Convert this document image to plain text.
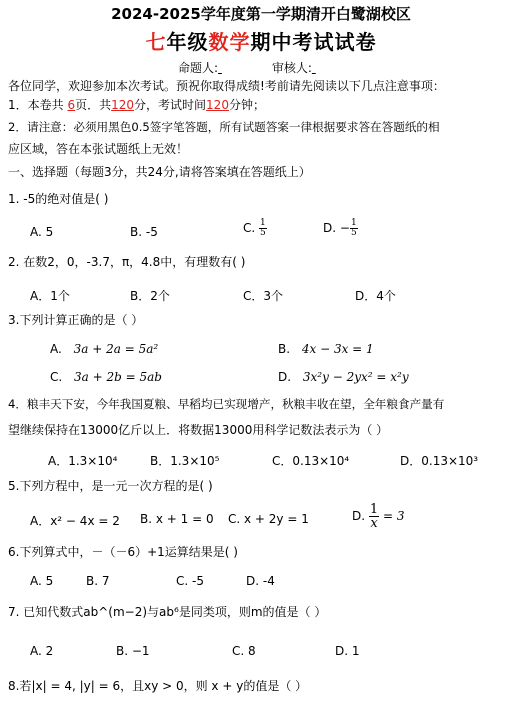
2024-2025学年度第一学期清开白鹭湖校区
七年级数学期中考试试卷
命题人:	审核人:
各位同学，欢迎参加本次考试。预祝你取得成绩!考前请先阅读以下几点注意事项：
1．本卷共 6页．共120分，考试时间120分钟；
2．请注意：必须用黑色0.5签字笔答题，所有试题答案一律根据要求答在答题纸的相
应区域，答在本张试题纸上无效！
一、选择题（每题3分，共24分,请将答案填在答题纸上）
1. -5的绝对值是( )
A. 5	B. -5	C. $\frac{1}{5}$	D. − $\frac{1}{5}$
2. 在数2，0，-3.7，π，4.8中，有理数有( )
A．1个	B．2个	C．3个	D．4个
3.下列计算正确的是（ ）
A. 3a + 2a = 5a²	B. 4x − 3x = 1
C. 3a + 2b = 5ab	D. 3x²y − 2yx² = x²y
4．粮丰天下安，今年我国夏粮、早稻均已实现增产，秋粮丰收在望，全年粮食产量有
望继续保持在13000亿斤以上．将数据13000用科学记数法表示为（ ）
A．1.3×10⁴	B．1.3×10⁵	C．0.13×10⁴	D．0.13×10³
5.下列方程中，是一元一次方程的是( )
A．x² − 4x = 2 B. x + 1 = 0 C. x + 2y = 1	D. $\frac{1}{x} = 3$
6.下列算式中，－（－6）+1运算结果是( )
A. 5	B. 7	C. -5	D. -4
7. 已知代数式ab^(m−2)与ab⁶是同类项，则m的值是（ ）
A. 2	B. −1	C. 8	D. 1
8.若|x| = 4, |y| = 6，且xy > 0，则 x + y的值是（ ）
